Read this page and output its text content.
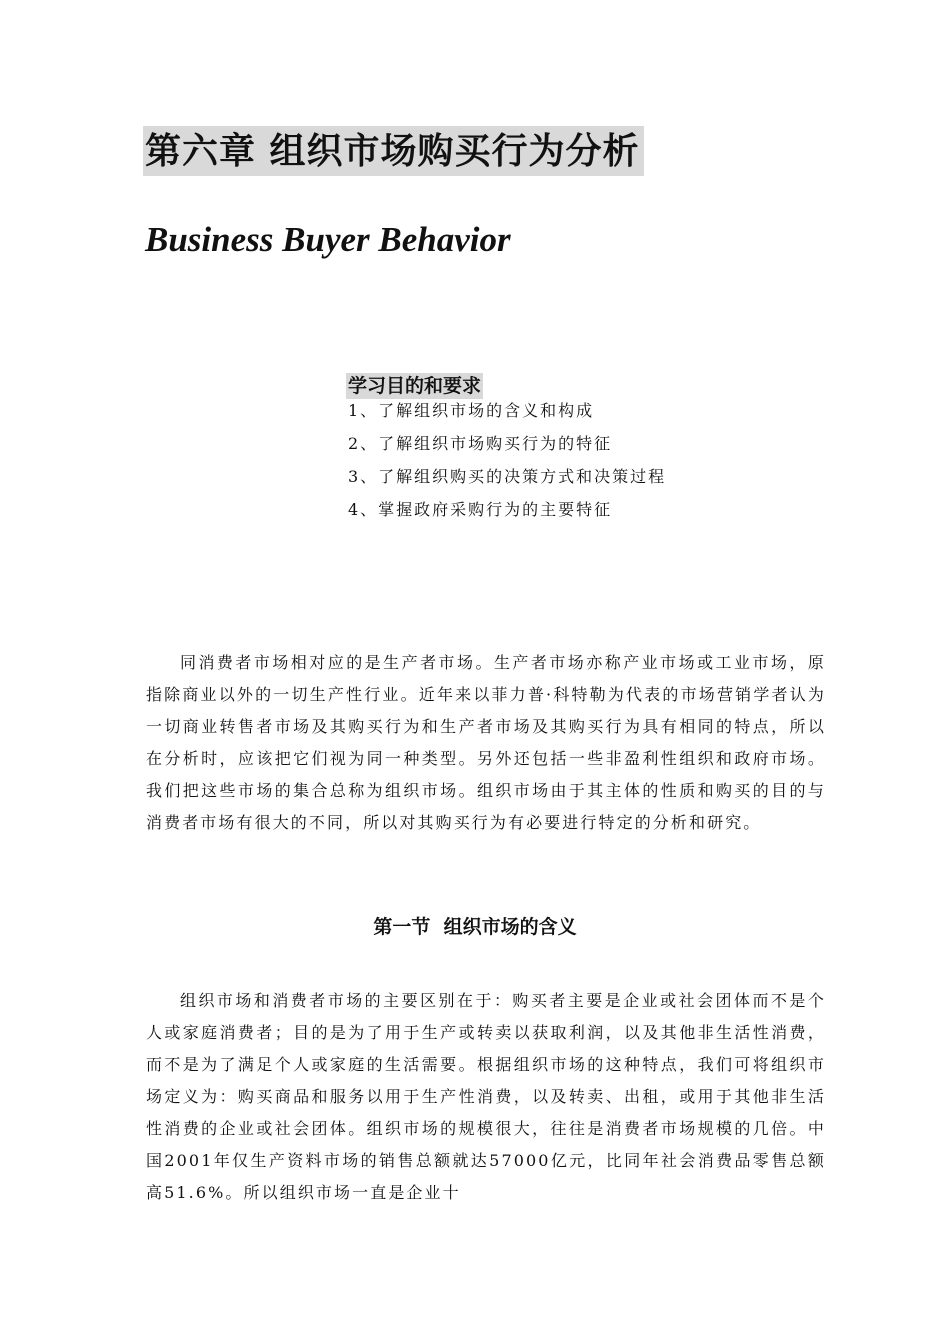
第六章 组织市场购买行为分析
Business Buyer Behavior
学习目的和要求
1、了解组织市场的含义和构成
2、了解组织市场购买行为的特征
3、了解组织购买的决策方式和决策过程
4、掌握政府采购行为的主要特征

同消费者市场相对应的是生产者市场。生产者市场亦称产业市场或工业市场，原指除商业以外的一切生产性行业。近年来以菲力普·科特勒为代表的市场营销学者认为一切商业转售者市场及其购买行为和生产者市场及其购买行为具有相同的特点，所以在分析时，应该把它们视为同一种类型。另外还包括一些非盈利性组织和政府市场。我们把这些市场的集合总称为组织市场。组织市场由于其主体的性质和购买的目的与消费者市场有很大的不同，所以对其购买行为有必要进行特定的分析和研究。

第一节  组织市场的含义

组织市场和消费者市场的主要区别在于：购买者主要是企业或社会团体而不是个人或家庭消费者；目的是为了用于生产或转卖以获取利润，以及其他非生活性消费，而不是为了满足个人或家庭的生活需要。根据组织市场的这种特点，我们可将组织市场定义为：购买商品和服务以用于生产性消费，以及转卖、出租，或用于其他非生活性消费的企业或社会团体。组织市场的规模很大，往往是消费者市场规模的几倍。中国2001年仅生产资料市场的销售总额就达57000亿元，比同年社会消费品零售总额高51.6%。所以组织市场一直是企业十
